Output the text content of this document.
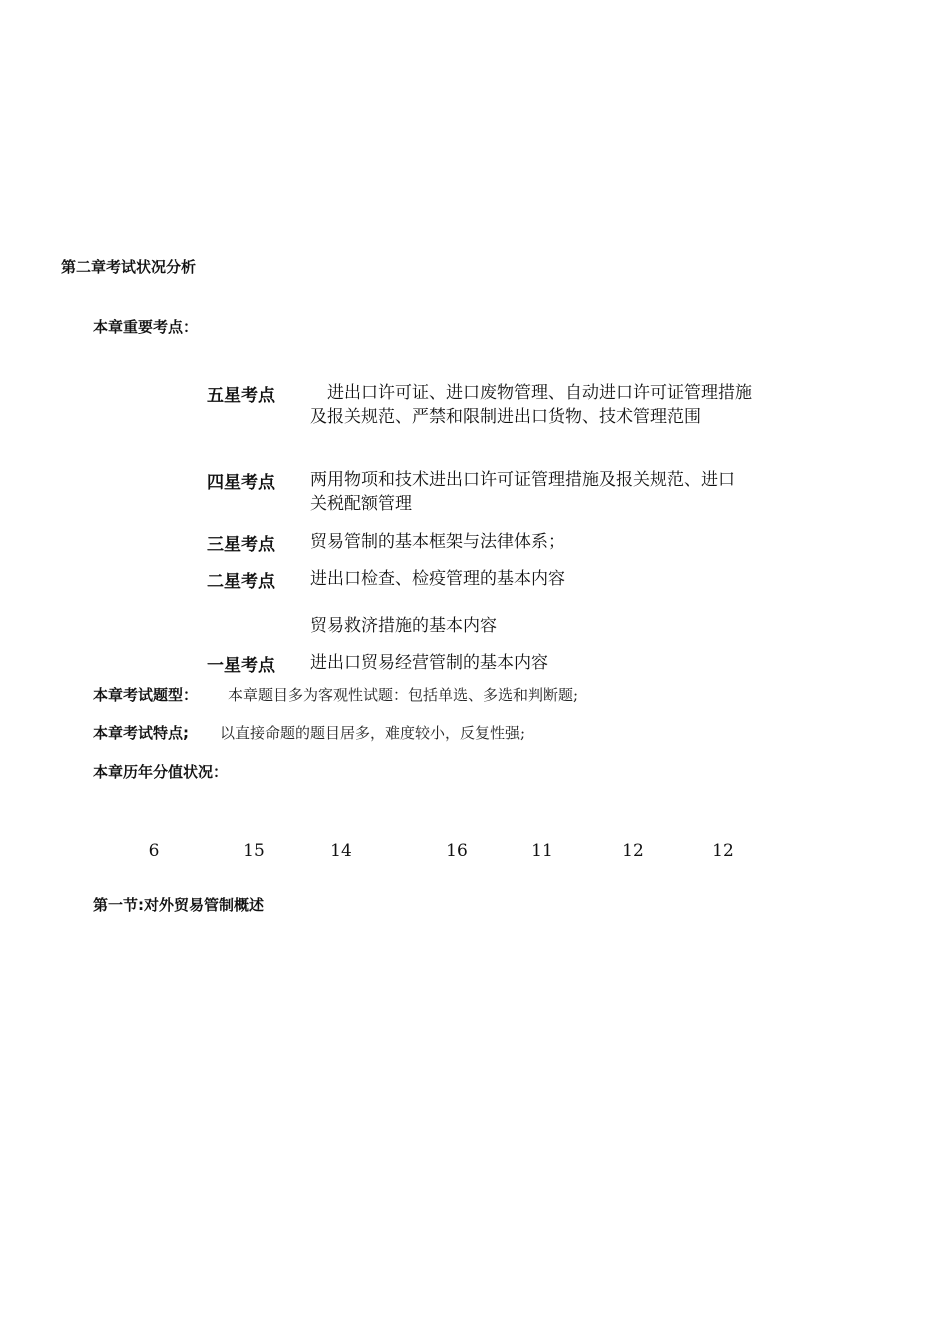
第二章考试状况分析
本章重要考点：
五星考点 　进出口许可证、进口废物管理、自动进口许可证管理措施及报关规范、严禁和限制进出口货物、技术管理范围
四星考点 两用物项和技术进出口许可证管理措施及报关规范、进口关税配额管理
三星考点 贸易管制的基本框架与法律体系；
二星考点 进出口检查、检疫管理的基本内容
贸易救济措施的基本内容
一星考点 进出口贸易经营管制的基本内容
本章考试题型： 本章题目多为客观性试题：包括单选、多选和判断题;
本章考试特点; 以直接命题的题目居多，难度较小，反复性强;
本章历年分值状况：
6	15	14	16	11	12	12
第一节:对外贸易管制概述
